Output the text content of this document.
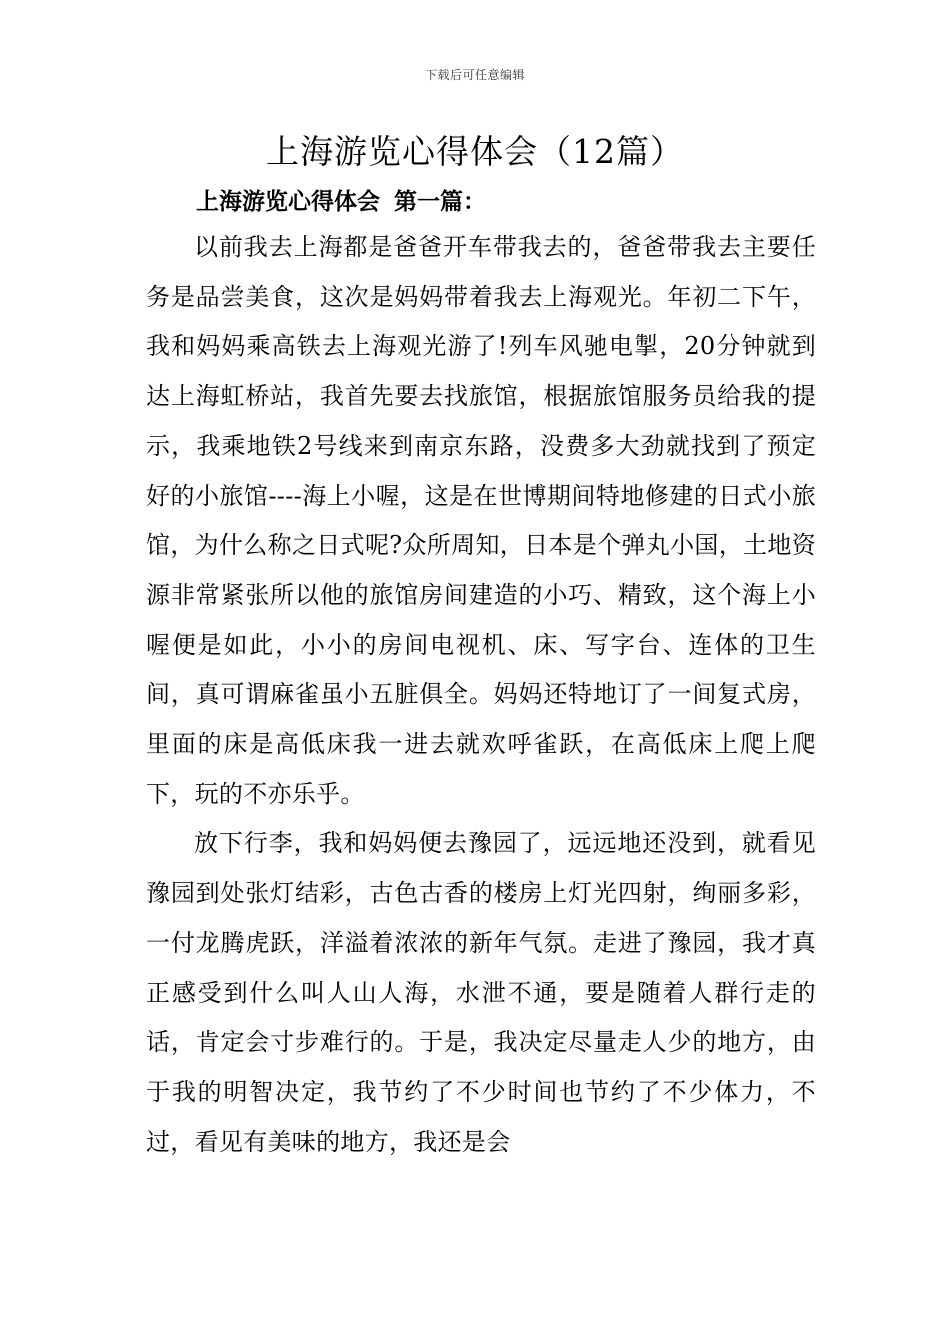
下载后可任意编辑
上海游览心得体会（12篇）
上海游览心得体会 第一篇：

以前我去上海都是爸爸开车带我去的，爸爸带我去主要任务是品尝美食，这次是妈妈带着我去上海观光。年初二下午，我和妈妈乘高铁去上海观光游了!列车风驰电掣，20分钟就到达上海虹桥站，我首先要去找旅馆，根据旅馆服务员给我的提示，我乘地铁2号线来到南京东路，没费多大劲就找到了预定好的小旅馆----海上小喔，这是在世博期间特地修建的日式小旅馆，为什么称之日式呢?众所周知，日本是个弹丸小国，土地资源非常紧张所以他的旅馆房间建造的小巧、精致，这个海上小喔便是如此，小小的房间电视机、床、写字台、连体的卫生间，真可谓麻雀虽小五脏俱全。妈妈还特地订了一间复式房，里面的床是高低床我一进去就欢呼雀跃，在高低床上爬上爬下，玩的不亦乐乎。

放下行李，我和妈妈便去豫园了，远远地还没到，就看见豫园到处张灯结彩，古色古香的楼房上灯光四射，绚丽多彩，一付龙腾虎跃，洋溢着浓浓的新年气氛。走进了豫园，我才真正感受到什么叫人山人海，水泄不通，要是随着人群行走的话，肯定会寸步难行的。于是，我决定尽量走人少的地方，由于我的明智决定，我节约了不少时间也节约了不少体力，不过，看见有美味的地方，我还是会
